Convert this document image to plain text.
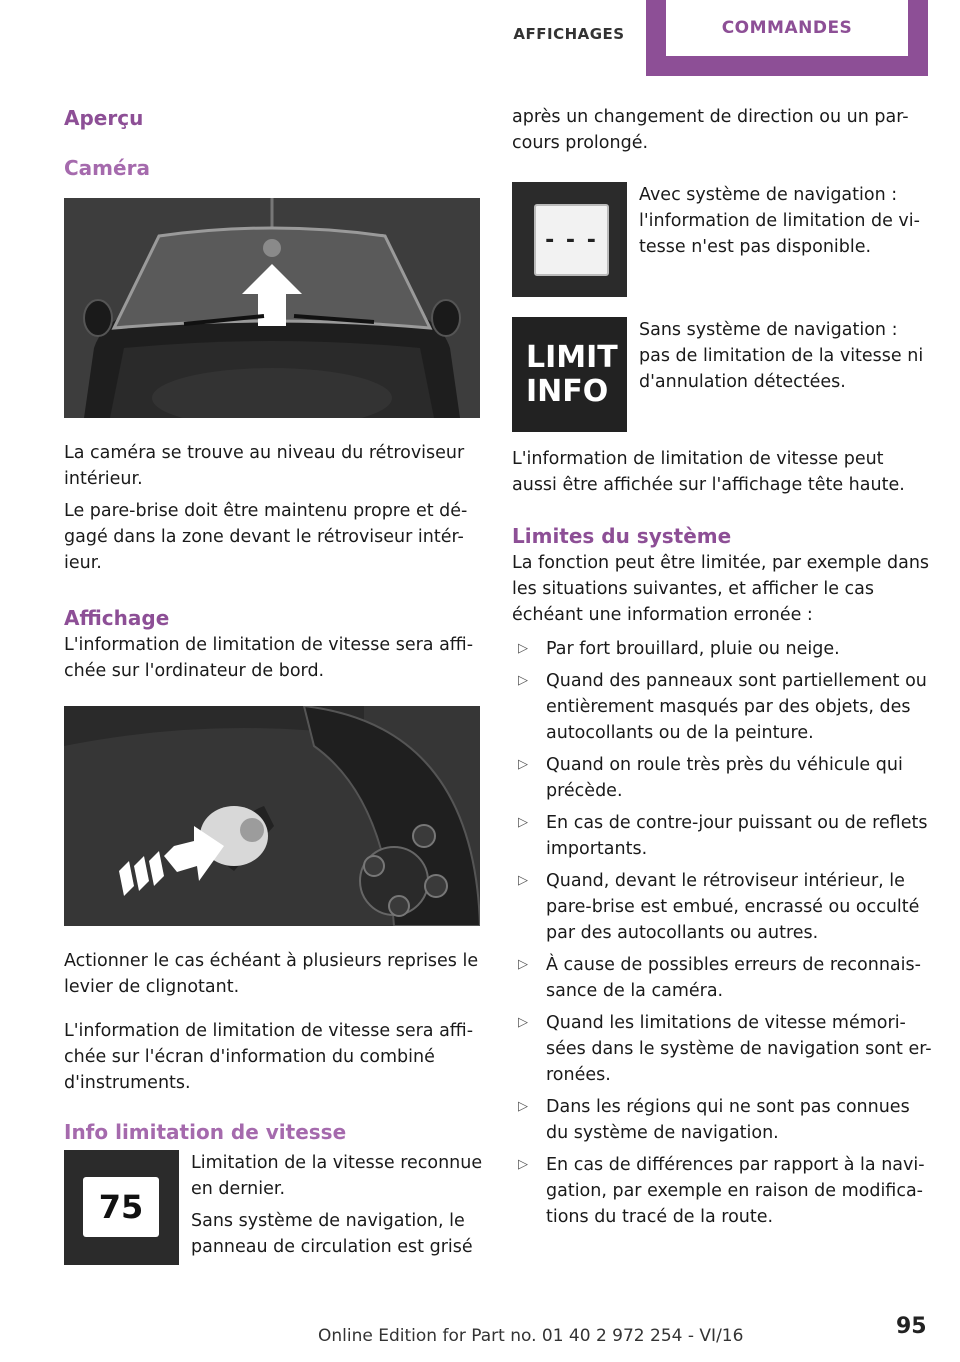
AFFICHAGES	COMMANDES
Aperçu
Caméra

La caméra se trouve au niveau du rétroviseur intérieur.

Le pare-brise doit être maintenu propre et dé- gagé dans la zone devant le rétroviseur intér- ieur.

Affichage

L'information de limitation de vitesse sera affi- chée sur l'ordinateur de bord.

Actionner le cas échéant à plusieurs reprises le levier de clignotant.

L'information de limitation de vitesse sera affi- chée sur l'écran d'information du combiné d'instruments.

Info limitation de vitesse
75

Limitation de la vitesse reconnue en dernier.

Sans système de navigation, le panneau de circulation est grisé

après un changement de direction ou un par- cours prolongé.

- - -

Avec système de navigation : l'information de limitation de vi- tesse n'est pas disponible.

LIMIT
INFO

Sans système de navigation : pas de limitation de la vitesse ni d'annulation détectées.

L'information de limitation de vitesse peut aussi être affichée sur l'affichage tête haute.

Limites du système

La fonction peut être limitée, par exemple dans les situations suivantes, et afficher le cas échéant une information erronée :

▷ Par fort brouillard, pluie ou neige.
▷ Quand des panneaux sont partiellement ou entièrement masqués par des objets, des autocollants ou de la peinture.
▷ Quand on roule très près du véhicule qui précède.
▷ En cas de contre-jour puissant ou de reflets importants.
▷ Quand, devant le rétroviseur intérieur, le pare-brise est embué, encrassé ou occulté par des autocollants ou autres.
▷ À cause de possibles erreurs de reconnais- sance de la caméra.
▷ Quand les limitations de vitesse mémori- sées dans le système de navigation sont er- ronées.
▷ Dans les régions qui ne sont pas connues du système de navigation.
▷ En cas de différences par rapport à la navi- gation, par exemple en raison de modifica- tions du tracé de la route.
Online Edition for Part no. 01 40 2 972 254 - VI/16	95
